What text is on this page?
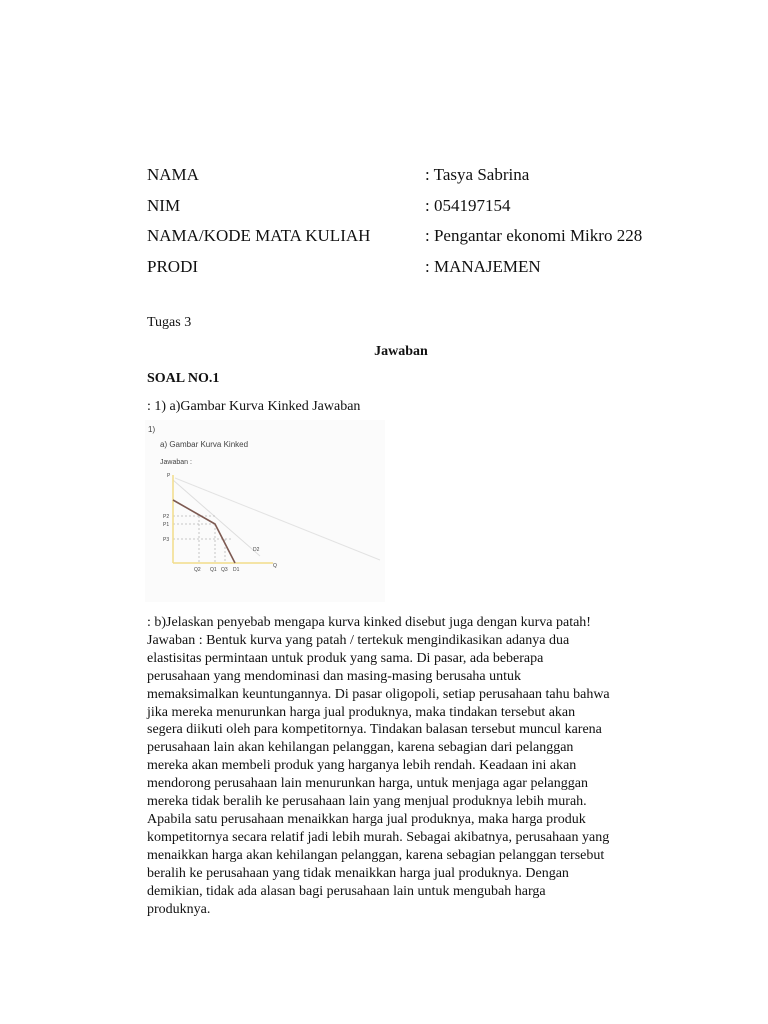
NAMA	: Tasya Sabrina
NIM	: 054197154
NAMA/KODE MATA KULIAH	: Pengantar ekonomi Mikro 228
PRODI	: MANAJEMEN
Tugas 3
Jawaban
SOAL NO.1
: 1) a)Gambar Kurva Kinked Jawaban
1)
a) Gambar Kurva Kinked
Jawaban :
P
Q
P2
P1
P3
Q2 Q1 Q3 D1
D2

: b)Jelaskan penyebab mengapa kurva kinked disebut juga dengan kurva patah!

Jawaban : Bentuk kurva yang patah / tertekuk mengindikasikan adanya dua

elastisitas permintaan untuk produk yang sama. Di pasar, ada beberapa

perusahaan yang mendominasi dan masing-masing berusaha untuk

memaksimalkan keuntungannya. Di pasar oligopoli, setiap perusahaan tahu bahwa

jika mereka menurunkan harga jual produknya, maka tindakan tersebut akan

segera diikuti oleh para kompetitornya. Tindakan balasan tersebut muncul karena

perusahaan lain akan kehilangan pelanggan, karena sebagian dari pelanggan

mereka akan membeli produk yang harganya lebih rendah. Keadaan ini akan

mendorong perusahaan lain menurunkan harga, untuk menjaga agar pelanggan

mereka tidak beralih ke perusahaan lain yang menjual produknya lebih murah.

Apabila satu perusahaan menaikkan harga jual produknya, maka harga produk

kompetitornya secara relatif jadi lebih murah. Sebagai akibatnya, perusahaan yang

menaikkan harga akan kehilangan pelanggan, karena sebagian pelanggan tersebut

beralih ke perusahaan yang tidak menaikkan harga jual produknya. Dengan

demikian, tidak ada alasan bagi perusahaan lain untuk mengubah harga

produknya.
